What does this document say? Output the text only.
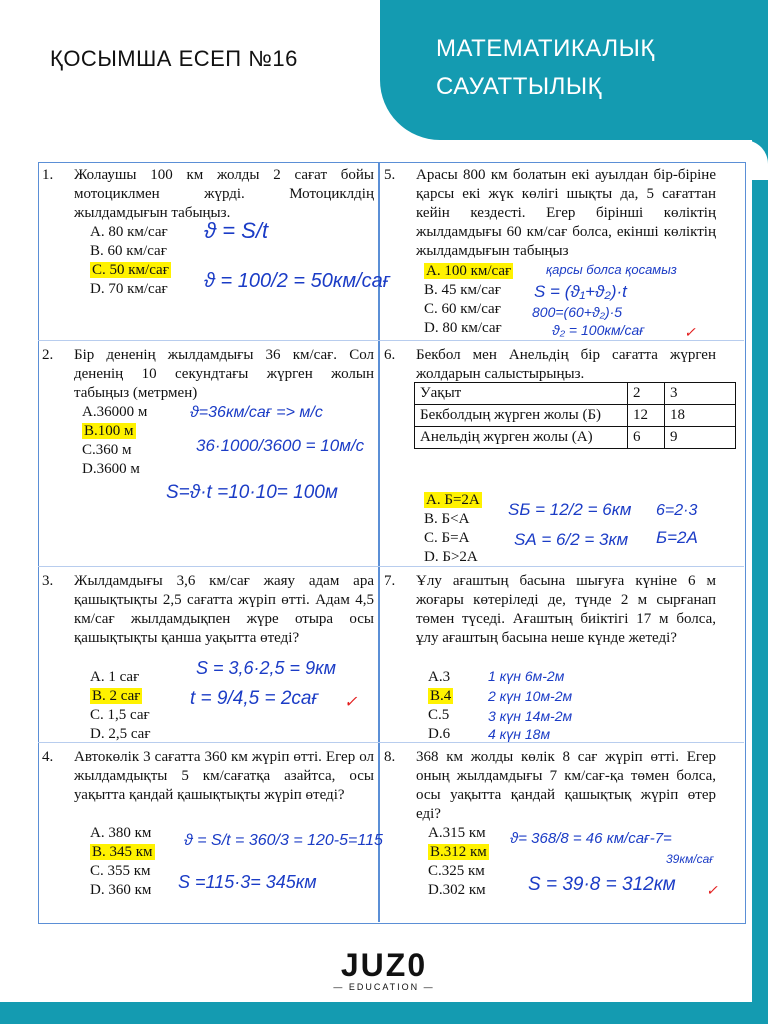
ҚОСЫМША ЕСЕП №16	МАТЕМАТИКАЛЫҚ
САУАТТЫЛЫҚ
1. Жолаушы 100 км жолды 2 сағат бойы мотоциклмен жүрді. Мотоциклдің жылдамдығын табыңыз.
A. 80 км/сағ
B. 60 км/сағ
C. 50 км/сағ
D. 70 км/сағ
ϑ = S/t
ϑ = 100/2 = 50км/сағ
2. Бір дененің жылдамдығы 36 км/сағ. Сол дененің 10 секундтағы жүрген жолын табыңыз (метрмен)
A.36000 м
B.100 м
C.360 м
D.3600 м
ϑ=36км/сағ => м/с
36·1000/3600 = 10м/с
S=ϑ·t =10·10= 100м
3. Жылдамдығы 3,6 км/сағ жаяу адам ара қашықтықты 2,5 сағатта жүріп өтті. Адам 4,5 км/сағ жылдамдықпен жүре отыра осы қашықтықты қанша уақытта өтеді?
A. 1 сағ
B. 2 сағ
C. 1,5 сағ
D. 2,5 сағ
S = 3,6·2,5 = 9км
t = 9/4,5 = 2сағ ✓
4. Автокөлік 3 сағатта 360 км жүріп өтті. Егер ол жылдамдықты 5 км/сағатқа азайтса, осы уақытта қандай қашықтықты жүріп өтеді?
A. 380 км
B. 345 км
C. 355 км
D. 360 км
ϑ = S/t = 360/3 = 120-5=115
S =115·3= 345км
5. Арасы 800 км болатын екі ауылдан бір-біріне қарсы екі жүк көлігі шықты да, 5 сағаттан кейін кездесті. Егер бірінші көліктің жылдамдығы 60 км/сағ болса, екінші көліктің жылдамдығын табыңыз
A. 100 км/сағ
B. 45 км/сағ
C. 60 км/сағ
D. 80 км/сағ
қарсы болса қосамыз
S = (ϑ₁+ϑ₂)·t
800=(60+ϑ₂)·5
ϑ₂ = 100км/сағ	✓
6. Бекбол мен Анельдің бір сағатта жүрген жолдарын салыстырыңыз.
A. Б=2А
B. Б<А
C. Б=А
D. Б>2А
Уақыт	2	3
Бекболдың жүрген жолы (Б)	12	18
Анельдің жүрген жолы (А)	6	9
SБ = 12/2 = 6км 6=2·3
SА = 6/2 = 3км Б=2А
7. Ұлу ағаштың басына шығуға күніне 6 м жоғары көтеріледі де, түнде 2 м сырғанап төмен түседі. Ағаштың биіктігі 17 м болса, ұлу ағаштың басына неше күнде жетеді?
A.3
B.4
C.5
D.6
1 күн 6м-2м
2 күн 10м-2м
3 күн 14м-2м
4 күн 18м
8. 368 км жолды көлік 8 сағ жүріп өтті. Егер оның жылдамдығы 7 км/сағ-қа төмен болса, осы уақытта қандай қашықтық жүріп өтер еді?
A.315 км
B.312 км
C.325 км
D.302 км
ϑ= 368/8 = 46 км/сағ-7=
39км/сағ
S = 39·8 = 312км ✓
JUZ0
— EDUCATION —
